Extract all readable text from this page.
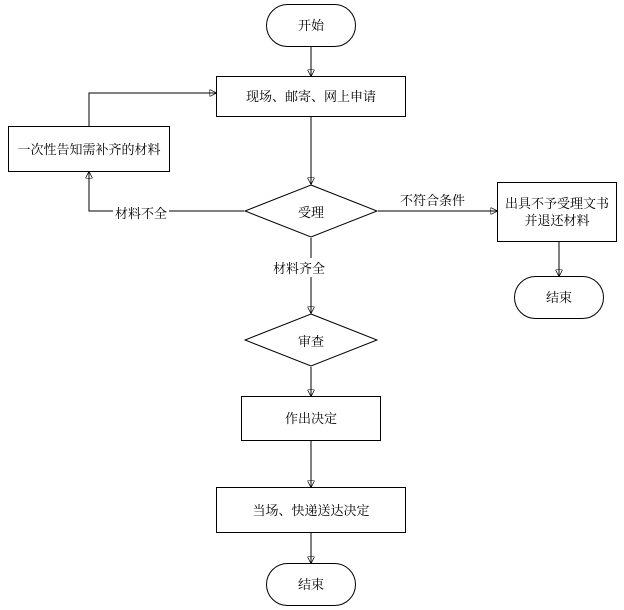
开始
现场、邮寄、网上申请
一次性告知需补齐的材料
受理
出具不予受理文书并退还材料
结束
审查
作出决定
当场、快递送达决定
结束
材料不全
不符合条件
材料齐全
